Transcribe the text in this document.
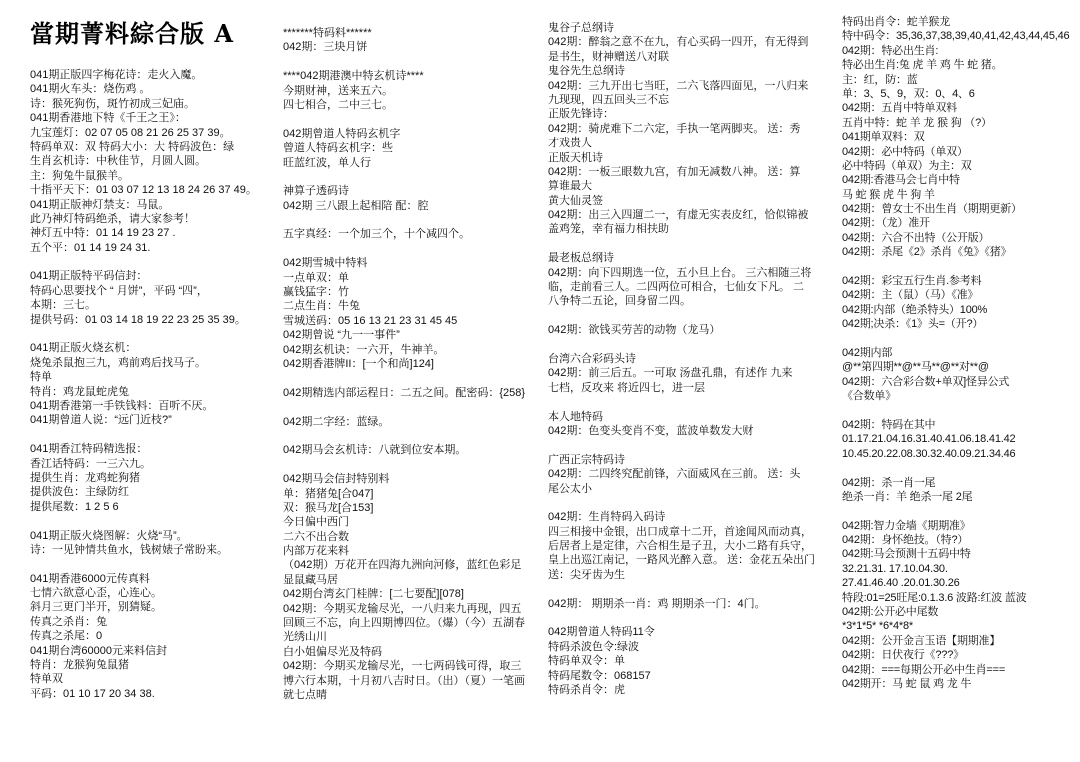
當期菁料綜合版 A
041期正版四字梅花诗：走火入魔。
041期火车头：烧伤鸡 。
诗：猴死狗伤，斑竹初成三妃庙。
041期香港地下特《千王之王》：
九宝莲灯：02 07 05 08 21 26 25 37 39。
特码单双：双 特码大小：大 特码波色：绿
生肖玄机诗：中秋佳节，月圆人圆。
主：狗兔牛鼠猴羊。
十指平天下：01 03 07 12 13 18 24 26 37 49。
041期正版神灯禁支：马鼠。
此乃神灯特码绝杀，请大家参考！
神灯五中特：01 14 19 23 27 .
五个平：01 14 19 24 31.
041期正版特平码信封：
特码心思要找个 “ 月饼”，平码 “四”，
本期：三七。
提供号码：01 03 14 18 19 22 23 25 35 39。
041期正版火烧玄机：
烧兔杀鼠抱三九，鸡前鸡后找马子。
特单
特肖：鸡龙鼠蛇虎兔
041期香港第一手铁钱料：百听不厌。
041期曾道人说：“远门近枝?”
041期香江特码精选报：
香江话特码：一三六九。
提供生肖：龙鸡蛇狗猪
提供波色：主绿防红
提供尾数：1 2 5 6
041期正版火烧图解：火烧“马”。
诗：一见钟情共鱼水，钱树婊子常盼来。
041期香港6000元传真料
七情六欲意心歪，心连心。
斜月三更门半开，别猜疑。
传真之杀肖：兔
传真之杀尾：0
041期台湾60000元来料信封
特肖：龙猴狗兔鼠猪
特单双
平码：01 10 17 20 34 38.
*******特码料******
042期：三块月饼
****042期港澳中特玄机诗****
今期财神，送来五六。
四七相合，二中三七。
042期曾道人特码玄机字
曾道人特码玄机字：些
旺蓝红波，单人行
神算子透码诗
042期 三八跟上起相陪 配：腔
五字真经：一个加三个，十个减四个。
042期雪城中特料
一点单双：单
赢钱猛字：竹
二点生肖：牛兔
雪城送码：05 16 13 21 23 31 45 45
042期曾说 “九一一事件”
042期玄机诀：一六开，牛神羊。
042期香港牌II：[一个和尚]124]
042期精选内部运程日：二五之间。配密码：{258}
042期二字经：蓝绿。
042期马会玄机诗：八就到位安本期。
042期马会信封特别料
单：猪猪兔[合047]
双：猴马龙[合153]
今日偏中西门
二六不出合数
内部万花来料
（042期）万花开在四海九洲向河修，蓝红色彩足
显鼠藏马居
042期台湾玄门桂牌：[二七要配][078]
042期：今期买龙输尽光，一八归来九再现，四五
回顾三不忘，向上四期博四位。（爆）（今）五湖春
光绣山川
白小姐偏尽光及特码
042期：今期买龙输尽光，一七两码钱可得，取三
博六行本期，十月初八吉时日。（出）（夏）一笔画
就七点晴
鬼谷子总纲诗
042期：醉翁之意不在九，有心买码一四开，有无得到
是书生，财神赠送八对联
鬼谷先生总纲诗
042期：三九开出七当旺，二六飞落四面见，一八归来
九现现，四五回头三不忘
正版先锋诗：
042期：骑虎难下二六定，手执一笔两脚夹。 送：秀
才戏贵人
正版天机诗
042期：一板三眼数九宫，有加无减数八神。 送：算
算谁最大
黄大仙灵签
042期：出三入四遛二一，有虚无实表皮红，恰似锦被
盖鸡笼，幸有福力相扶助
最老板总纲诗
042期：向下四期选一位，五小旦上台。 三六相随三将
临，走前看三人。二四两位可相合，七仙女下凡。 二
八争特二五论，回身留二四。
042期：欲钱买劳苦的动物（龙马）
台湾六合彩码头诗
042期：前三后五。一可取 汤盘孔鼎，有述作 九来
七档，反攻来 将近四七，进一层
本人地特码
042期：色变头变肖不变，蓝波单数发大财
广西正宗特码诗
042期：二四终究配前锋，六面威风在三前。 送：头
尾公太小
042期：生肖特码入码诗
四三相接中金银，出口成章十二开，首途闻风而动真，
后居者上是定律，六合相生是子丑，大小二路有兵守，
皇上出巡江南记，一路风光醉入意。 送：金花五朵出门
送：尖牙齿为生
042期： 期期杀一肖：鸡 期期杀一门：4门。
042期曾道人特码11令
特码杀波色令:绿波
特码单双令：单
特码尾数令：068157
特码杀肖令：虎
特码出肖令：蛇羊猴龙
特中码令：35,36,37,38,39,40,41,42,43,44,45,46
042期：特必出生肖:
特必出生肖:兔 虎 羊 鸡 牛 蛇 猪。
主：红，防：蓝
单：3、5、9，双：0、4、6
042期：五肖中特单双料
五肖中特：蛇 羊 龙 猴 狗 （?）
041期单双料：双
042期：必中特码（单双）
必中特码（单双）为主：双
042期:香港马会七肖中特
马 蛇 猴 虎 牛 狗 羊
042期：曾女士不出生肖（期期更新）
042期：（龙）准开
042期：六合不出特（公开版）
042期：杀尾《2》杀肖《兔》《猪》
042期：彩宝五行生肖.参考料
042期：主（鼠）（马）《准》
042期:内部（绝杀特头）100%
042期;决杀：《1》头=（开?）
042期内部
@**第四期**@**马**@**对**@
042期：六合彩合数+单双]怪异公式
《合数单》
042期：特码在其中
01.17.21.04.16.31.40.41.06.18.41.42
10.45.20.22.08.30.32.40.09.21.34.46
042期：杀一肖一尾
绝杀一肖：羊 绝杀一尾 2尾
042期:智力金墙《期期准》
042期：身怀绝技。（特?）
042期:马会预测十五码中特
32.21.31. 17.10.04.30.
27.41.46.40 .20.01.30.26
特段:01=25旺尾:0.1.3.6 波路:红波 蓝波
042期:公开必中尾数
*3*1*5* *6*4*8*
042期：公开金言玉语【期期准】
042期：日伏夜行《???》
042期：===每期公开必中生肖===
042期开：马 蛇 鼠 鸡 龙 牛
